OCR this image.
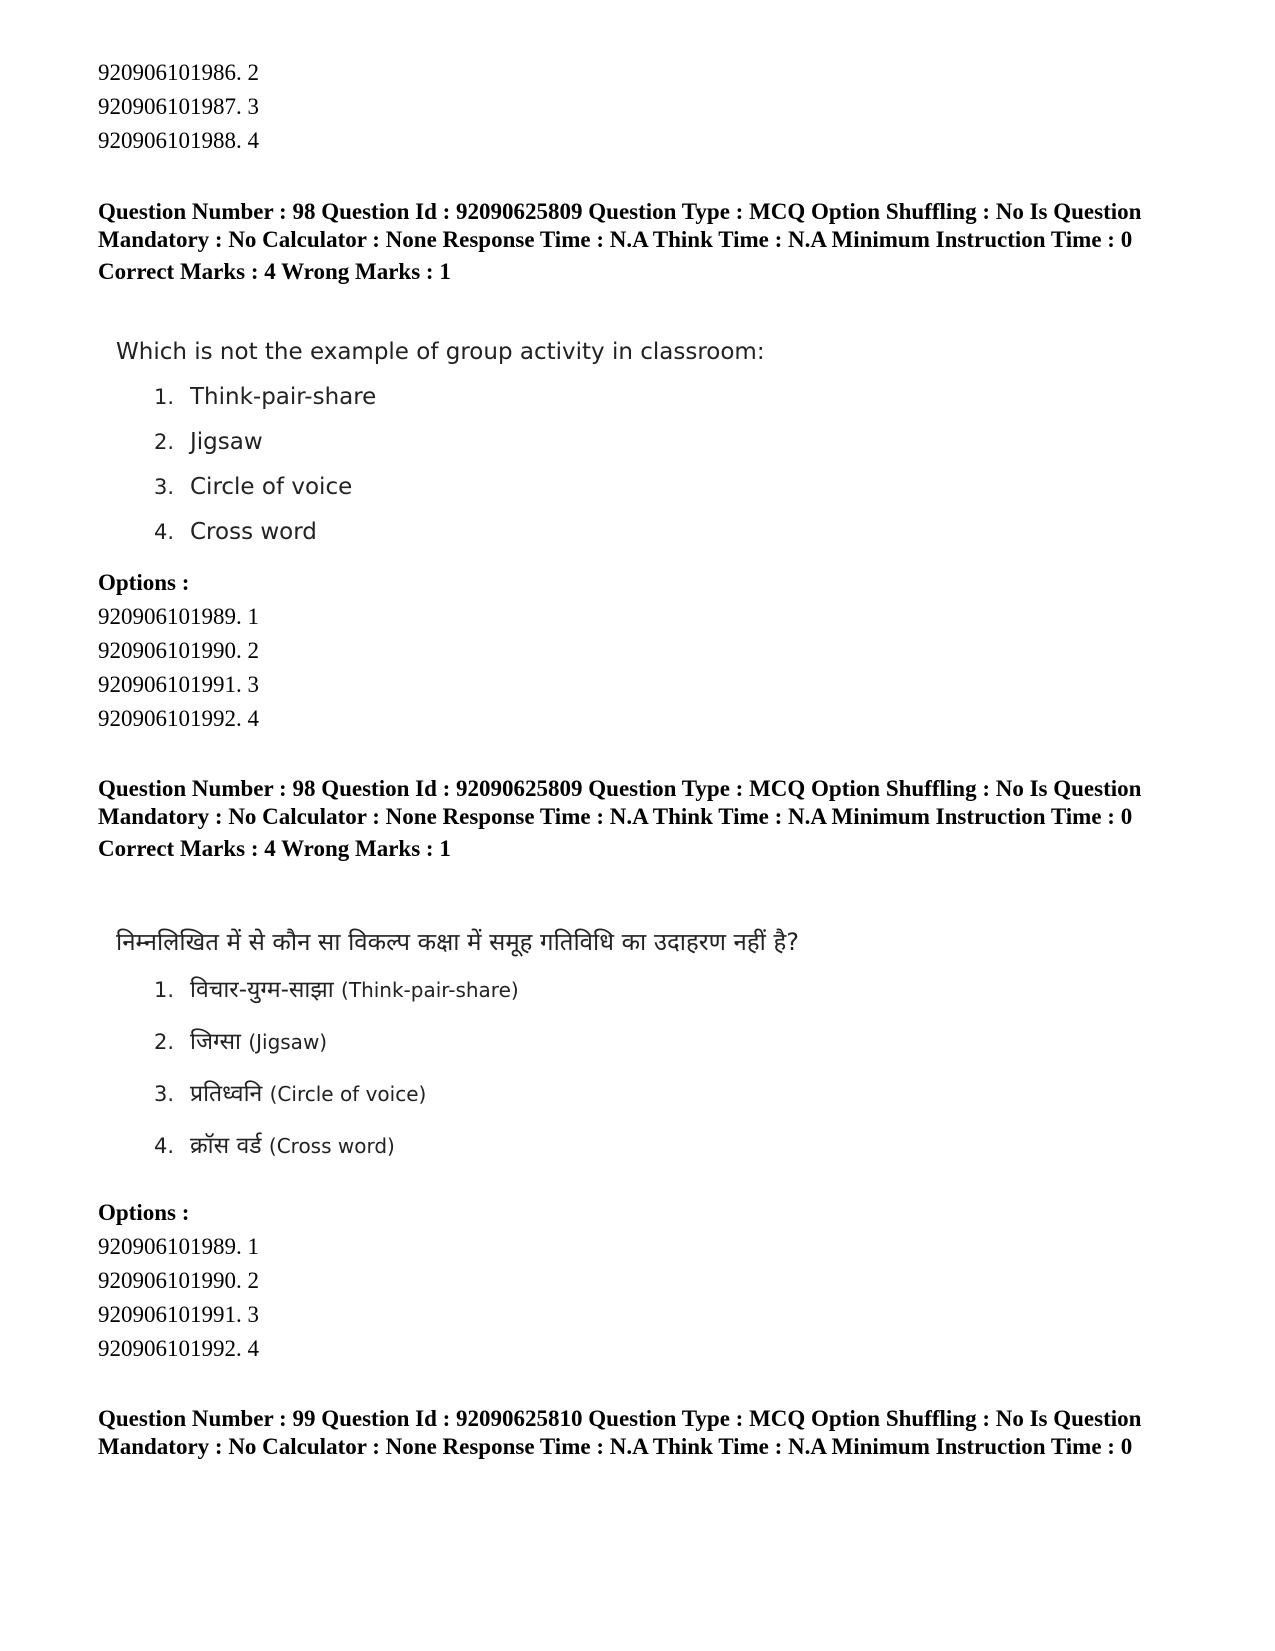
920906101986. 2
920906101987. 3
920906101988. 4
Question Number : 98 Question Id : 92090625809 Question Type : MCQ Option Shuffling : No Is Question Mandatory : No Calculator : None Response Time : N.A Think Time : N.A Minimum Instruction Time : 0
Correct Marks : 4 Wrong Marks : 1
Which is not the example of group activity in classroom:
1. Think-pair-share
2. Jigsaw
3. Circle of voice
4. Cross word
Options :
920906101989. 1
920906101990. 2
920906101991. 3
920906101992. 4
Question Number : 98 Question Id : 92090625809 Question Type : MCQ Option Shuffling : No Is Question Mandatory : No Calculator : None Response Time : N.A Think Time : N.A Minimum Instruction Time : 0
Correct Marks : 4 Wrong Marks : 1
निम्नलिखित में से कौन सा विकल्प कक्षा में समूह गतिविधि का उदाहरण नहीं है?
1. विचार-युग्म-साझा
(Think-pair-share)
2. जिग्सा
(Jigsaw)
3. प्रतिध्वनि
(Circle of voice)
4. क्रॉस वर्ड
(Cross word)
Options :
920906101989. 1
920906101990. 2
920906101991. 3
920906101992. 4
Question Number : 99 Question Id : 92090625810 Question Type : MCQ Option Shuffling : No Is Question Mandatory : No Calculator : None Response Time : N.A Think Time : N.A Minimum Instruction Time : 0
